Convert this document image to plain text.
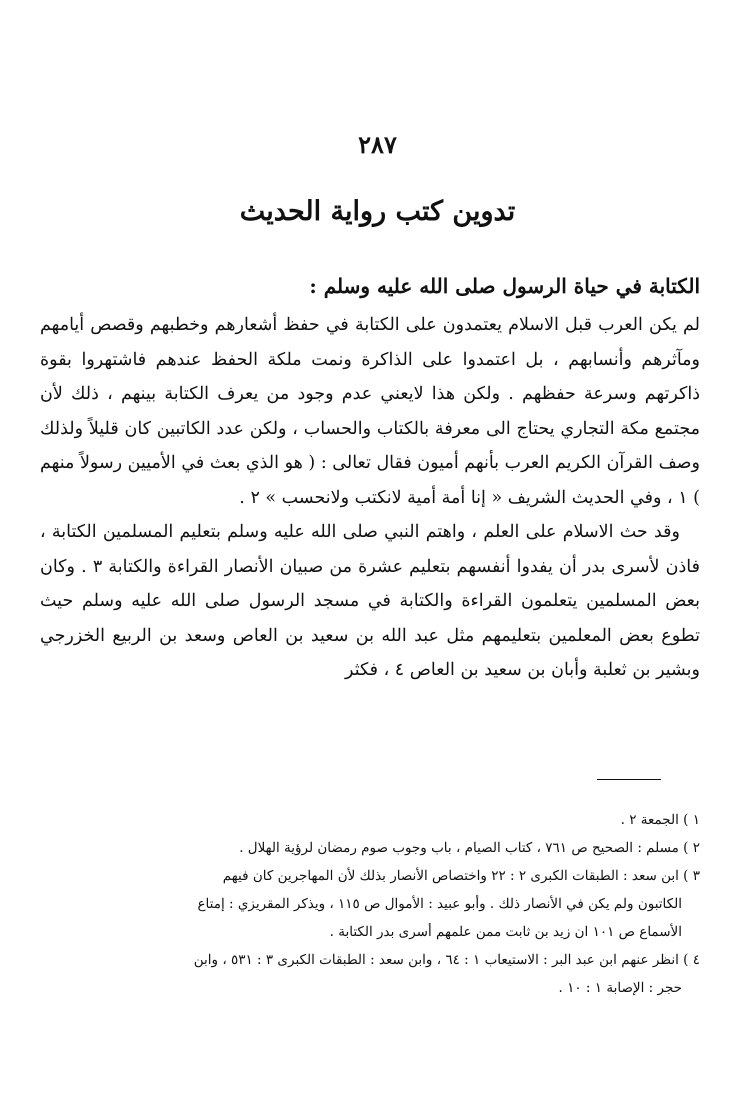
٢٨٧
تدوين كتب رواية الحديث
الكتابة في حياة الرسول صلى الله عليه وسلم :

لم يكن العرب قبل الاسلام يعتمدون على الكتابة في حفظ أشعارهم وخطبهم وقصص أيامهم ومآثرهم وأنسابهم ، بل اعتمدوا على الذاكرة ونمت ملكة الحفظ عندهم فاشتهروا بقوة ذاكرتهم وسرعة حفظهم . ولكن هذا لايعني عدم وجود من يعرف الكتابة بينهم ، ذلك لأن مجتمع مكة التجاري يحتاج الى معرفة بالكتاب والحساب ، ولكن عدد الكاتبين كان قليلاً ولذلك وصف القرآن الكريم العرب بأنهم أميون فقال تعالى : ( هو الذي بعث في الأميين رسولاً منهم ) ١ ، وفي الحديث الشريف « إنا أمة أمية لانكتب ولانحسب » ٢ .

وقد حث الاسلام على العلم ، واهتم النبي صلى الله عليه وسلم بتعليم المسلمين الكتابة ، فاذن لأسرى بدر أن يفدوا أنفسهم بتعليم عشرة من صبيان الأنصار القراءة والكتابة ٣ . وكان بعض المسلمين يتعلمون القراءة والكتابة في مسجد الرسول صلى الله عليه وسلم حيث تطوع بعض المعلمين بتعليمهم مثل عبد الله بن سعيد بن العاص وسعد بن الربيع الخزرجي وبشير بن ثعلبة وأبان بن سعيد بن العاص ٤ ، فكثر

١ ) الجمعة ٢ .
٢ ) مسلم : الصحيح ص ٧٦١ ، كتاب الصيام ، باب وجوب صوم رمضان لرؤية الهلال .
٣ ) ابن سعد : الطبقات الكبرى ٢ : ٢٢ واختصاص الأنصار بذلك لأن المهاجرين كان فيهم
الكاتبون ولم يكن في الأنصار ذلك . وأبو عبيد : الأموال ص ١١٥ ، ويذكر المقريزي : إمتاع
الأسماع ص ١٠١ ان زيد بن ثابت ممن علمهم أسرى بدر الكتابة .
٤ ) انظر عنهم ابن عبد البر : الاستيعاب ١ : ٦٤ ، وابن سعد : الطبقات الكبرى ٣ : ٥٣١ ، وابن
حجر : الإصابة ١ : ١٠ .
